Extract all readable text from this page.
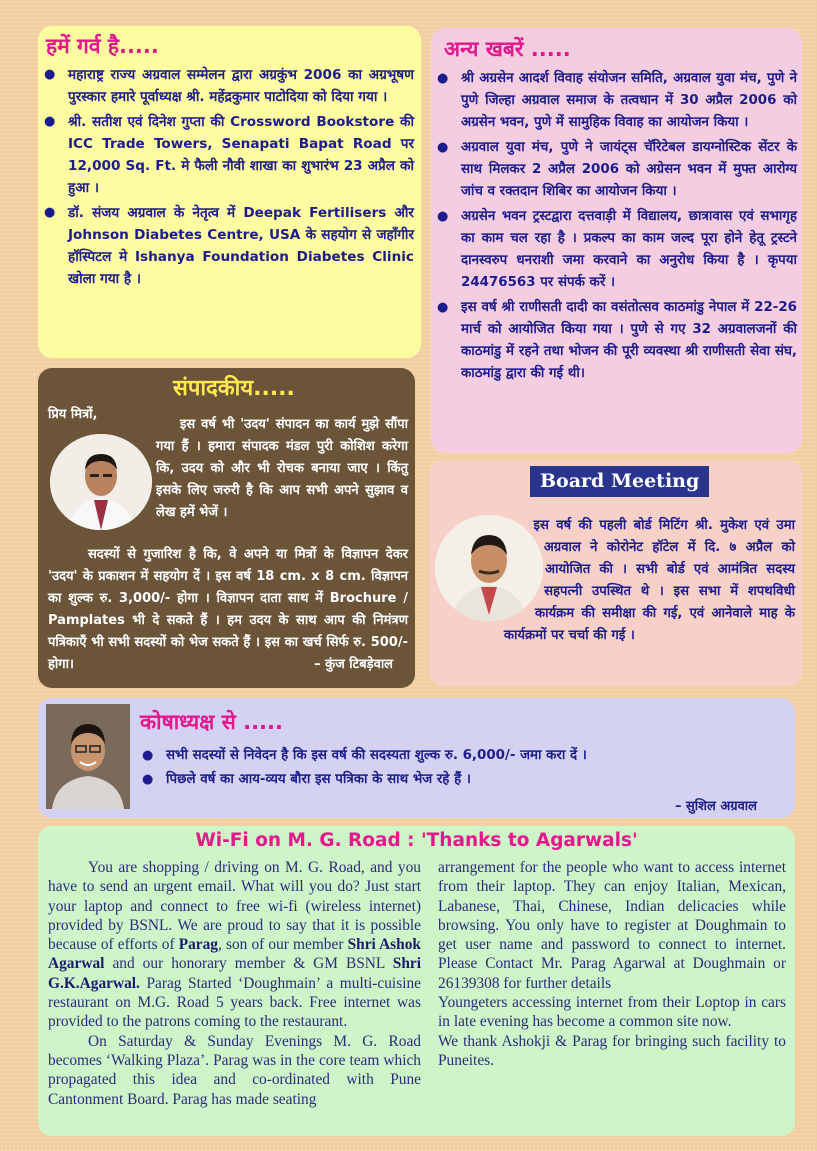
हमें गर्व है.....
● महाराष्ट्र राज्य अग्रवाल सम्मेलन द्वारा अग्रकुंभ 2006 का अग्रभूषण पुरस्कार हमारे पूर्वाध्यक्ष श्री. महेंद्रकुमार पाटोदिया को दिया गया ।
● श्री. सतीश एवं दिनेश गुप्ता की Crossword Bookstore की ICC Trade Towers, Senapati Bapat Road पर 12,000 Sq. Ft. मे फैली नौवी शाखा का शुभारंभ 23 अप्रैल को हुआ ।
● डॉ. संजय अग्रवाल के नेतृत्व में Deepak Fertilisers और Johnson Diabetes Centre, USA के सहयोग से जहाँगीर हॉस्पिटल मे Ishanya Foundation Diabetes Clinic खोला गया है ।
अन्य खबरें .....
● श्री अग्रसेन आदर्श विवाह संयोजन समिति, अग्रवाल युवा मंच, पुणे ने पुणे जिल्हा अग्रवाल समाज के तत्वधान में 30 अप्रैल 2006 को अग्रसेन भवन, पुणे में सामुहिक विवाह का आयोजन किया ।
● अग्रवाल युवा मंच, पुणे ने जायंट्स चॅरिटेबल डायग्नोस्टिक सेंटर के साथ मिलकर 2 अप्रैल 2006 को अग्रेसन भवन में मुफ्त आरोग्य जांच व रक्तदान शिबिर का आयोजन किया ।
● अग्रसेन भवन ट्रस्टद्वारा दत्तवाड़ी में विद्यालय, छात्रावास एवं सभागृह का काम चल रहा है । प्रकल्प का काम जल्द पूरा होने हेतू ट्रस्टने दानस्वरुप धनराशी जमा करवाने का अनुरोध किया है । कृपया 24476563 पर संपर्क करें ।
● इस वर्ष श्री राणीसती दादी का वसंतोत्सव काठमांडु नेपाल में 22-26 मार्च को आयोजित किया गया । पुणे से गए 32 अग्रवालजनों की काठमांडु में रहने तथा भोजन की पूरी व्यवस्था श्री राणीसती सेवा संघ, काठमांडु द्वारा की गई थी।
संपादकीय.....
प्रिय मित्रों,

इस वर्ष भी 'उदय' संपादन का कार्य मुझे सौंपा गया हैं । हमारा संपादक मंडल पुरी कोशिश करेगा कि, उदय को और भी रोचक बनाया जाए । किंतु इसके लिए जरुरी है कि आप सभी अपने सुझाव व लेख हमें भेजें ।

सदस्यों से गुजारिश है कि, वे अपने या मित्रों के विज्ञापन देकर 'उदय' के प्रकाशन में सहयोग दें । इस वर्ष 18 cm. x 8 cm. विज्ञापन का शुल्क रु. 3,000/- होगा । विज्ञापन दाता साथ में Brochure / Pamplates भी दे सकते हैं । हम उदय के साथ आप की निमंत्रण पत्रिकाएँ भी सभी सदस्यों को भेज सकते हैं । इस का खर्च सिर्फ रु. 500/- होगा।	– कुंज टिबड़ेवाल
Board Meeting

इस वर्ष की पहली बोर्ड मिटिंग श्री. मुकेश एवं उमा अग्रवाल ने कोरोनेट हॉटेल में दि. ७ अप्रैल को आयोजित की । सभी बोर्ड एवं आमंत्रित सदस्य सहपत्नी उपस्थित थे । इस सभा में शपथविधी कार्यक्रम की समीक्षा की गई, एवं आनेवाले माह के कार्यक्रमों पर चर्चा की गई ।

कोषाध्यक्ष से .....
● सभी सदस्यों से निवेदन है कि इस वर्ष की सदस्यता शुल्क रु. 6,000/- जमा करा दें ।
● पिछले वर्ष का आय-व्यय बौरा इस पत्रिका के साथ भेज रहे हैं ।
– सुशिल अग्रवाल
Wi-Fi on M. G. Road : 'Thanks to Agarwals'

You are shopping / driving on M. G. Road, and you have to send an urgent email. What will you do? Just start your laptop and connect to free wi-fi (wireless internet) provided by BSNL. We are proud to say that it is possible because of efforts of Parag, son of our member Shri Ashok Agarwal and our honorary member & GM BSNL Shri G.K.Agarwal. Parag Started ‘Doughmain’ a multi-cuisine restaurant on M.G. Road 5 years back. Free internet was provided to the patrons coming to the restaurant.

On Saturday & Sunday Evenings M. G. Road becomes ‘Walking Plaza’. Parag was in the core team which propagated this idea and co-ordinated with Pune Cantonment Board. Parag has made seating

arrangement for the people who want to access internet from their laptop. They can enjoy Italian, Mexican, Labanese, Thai, Chinese, Indian delicacies while browsing. You only have to register at Doughmain to get user name and password to connect to internet. Please Contact Mr. Parag Agarwal at Doughmain or 26139308 for further details

Youngeters accessing internet from their Loptop in cars in late evening has become a common site now.

We thank Ashokji & Parag for bringing such facility to Puneites.
